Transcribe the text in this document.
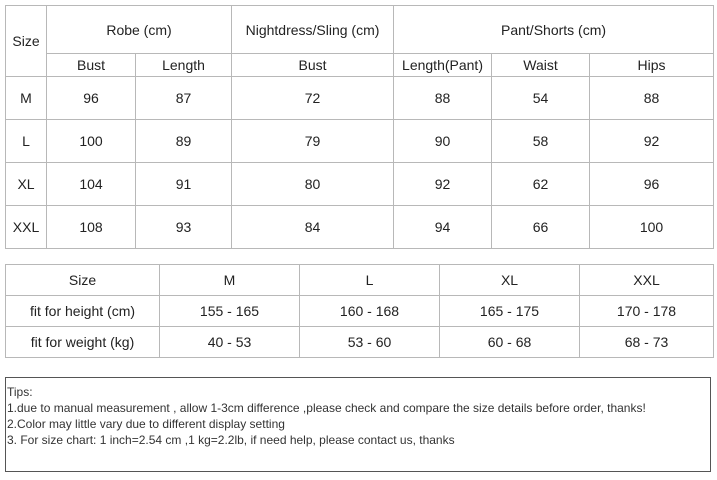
Size	Robe (cm)		Nightdress/Sling (cm)	Pant/Shorts (cm)		
	Bust	Length	Bust	Length(Pant)	Waist	Hips
M	96	87	72	88	54	88
L	100	89	79	90	58	92
XL	104	91	80	92	62	96
XXL	108	93	84	94	66	100
Size	M	L	XL	XXL
fit for height (cm)	155 - 165	160 - 168	165 - 175	170 - 178
fit for weight (kg)	40 - 53	53 - 60	60 - 68	68 - 73
Tips:
1.due to manual measurement , allow 1-3cm difference ,please check and compare the size details before order, thanks!
2.Color may little vary due to different display setting
3. For size chart: 1 inch=2.54 cm ,1 kg=2.2lb, if need help, please contact us, thanks
